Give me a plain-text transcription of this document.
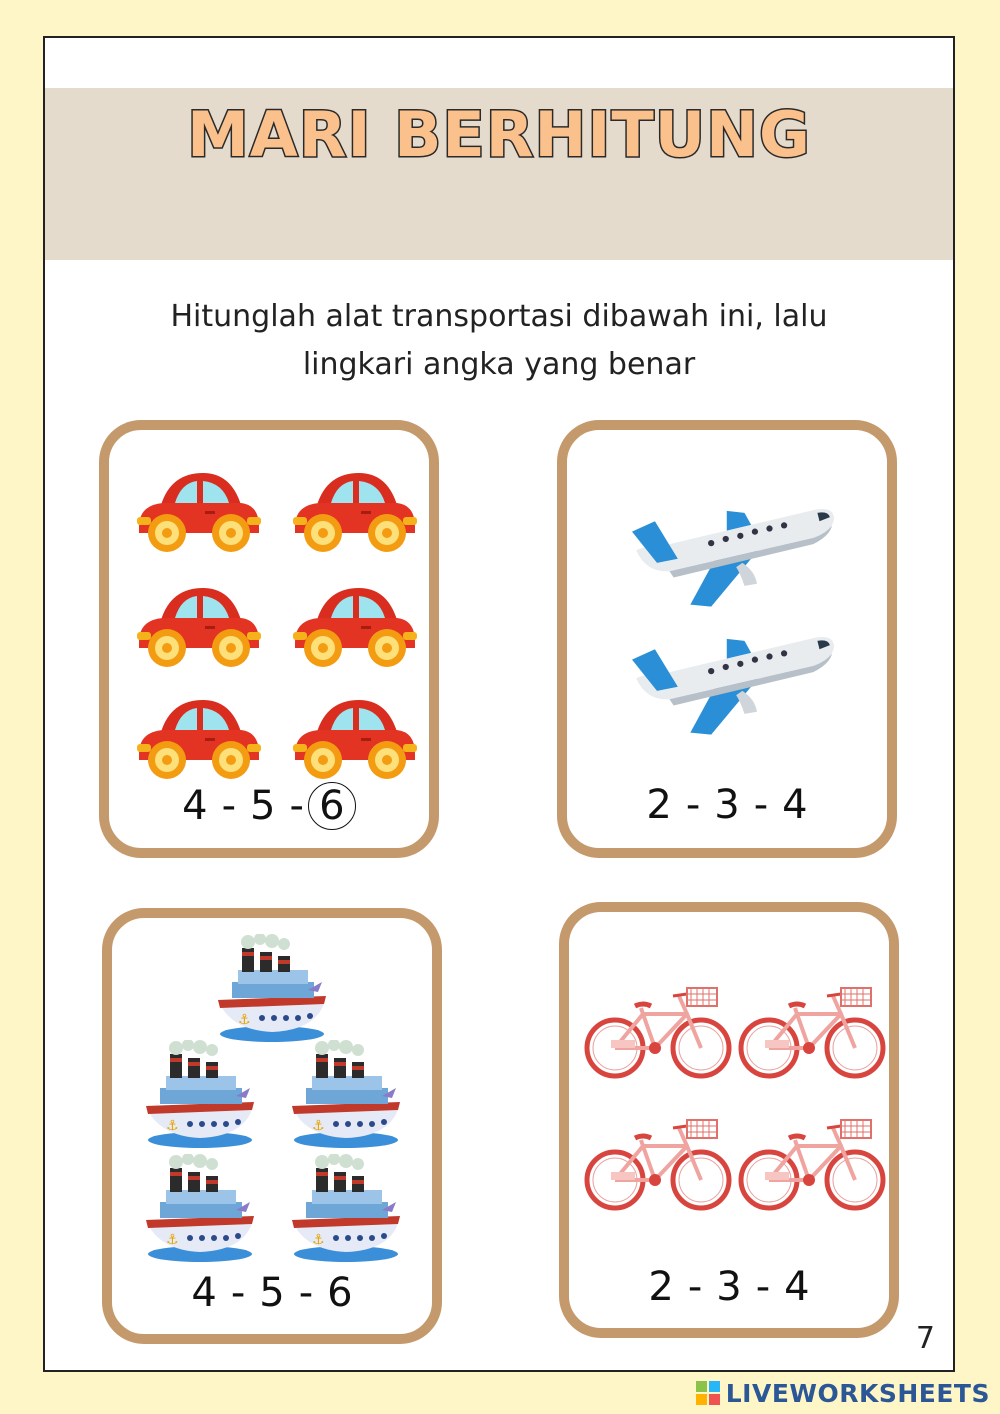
MARI BERHITUNG
Hitunglah alat transportasi dibawah ini, lalu
lingkari angka yang benar
4 - 5 - 6	2 - 3 - 4
4 - 5 - 6	2 - 3 - 4
7
LIVEWORKSHEETS
